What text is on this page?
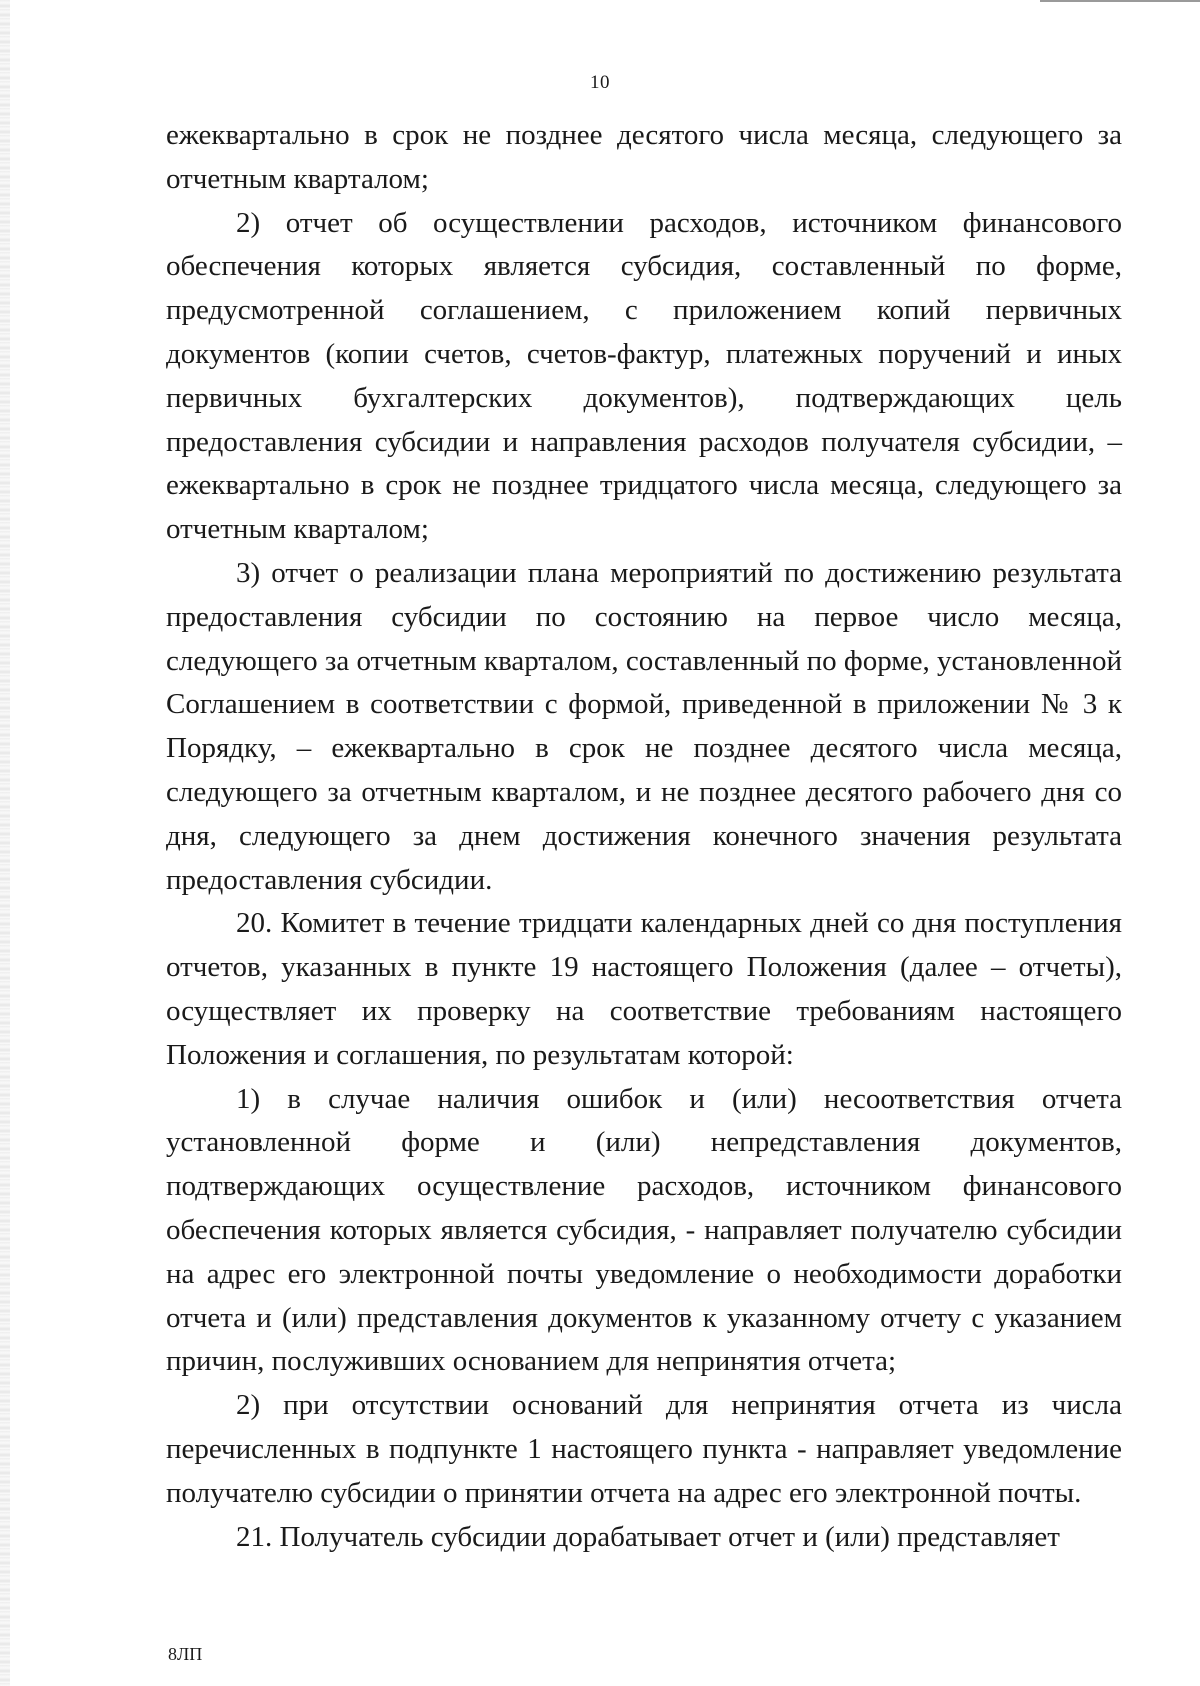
10

ежеквартально в срок не позднее десятого числа месяца, следующего за отчетным кварталом;

2) отчет об осуществлении расходов, источником финансового обеспечения которых является субсидия, составленный по форме, предусмотренной соглашением, с приложением копий первичных документов (копии счетов, счетов-фактур, платежных поручений и иных первичных бухгалтерских документов), подтверждающих цель предоставления субсидии и направления расходов получателя субсидии, – ежеквартально в срок не позднее тридцатого числа месяца, следующего за отчетным кварталом;

3) отчет о реализации плана мероприятий по достижению результата предоставления субсидии по состоянию на первое число месяца, следующего за отчетным кварталом, составленный по форме, установленной Соглашением в соответствии с формой, приведенной в приложении № 3 к Порядку, – ежеквартально в срок не позднее десятого числа месяца, следующего за отчетным кварталом, и не позднее десятого рабочего дня со дня, следующего за днем достижения конечного значения результата предоставления субсидии.

20. Комитет в течение тридцати календарных дней со дня поступления отчетов, указанных в пункте 19 настоящего Положения (далее – отчеты), осуществляет их проверку на соответствие требованиям настоящего Положения и соглашения, по результатам которой:

1) в случае наличия ошибок и (или) несоответствия отчета установленной форме и (или) непредставления документов, подтверждающих осуществление расходов, источником финансового обеспечения которых является субсидия, - направляет получателю субсидии на адрес его электронной почты уведомление о необходимости доработки отчета и (или) представления документов к указанному отчету с указанием причин, послуживших основанием для непринятия отчета;

2) при отсутствии оснований для непринятия отчета из числа перечисленных в подпункте 1 настоящего пункта - направляет уведомление получателю субсидии о принятии отчета на адрес его электронной почты.

21. Получатель субсидии дорабатывает отчет и (или) представляет

8ЛП
